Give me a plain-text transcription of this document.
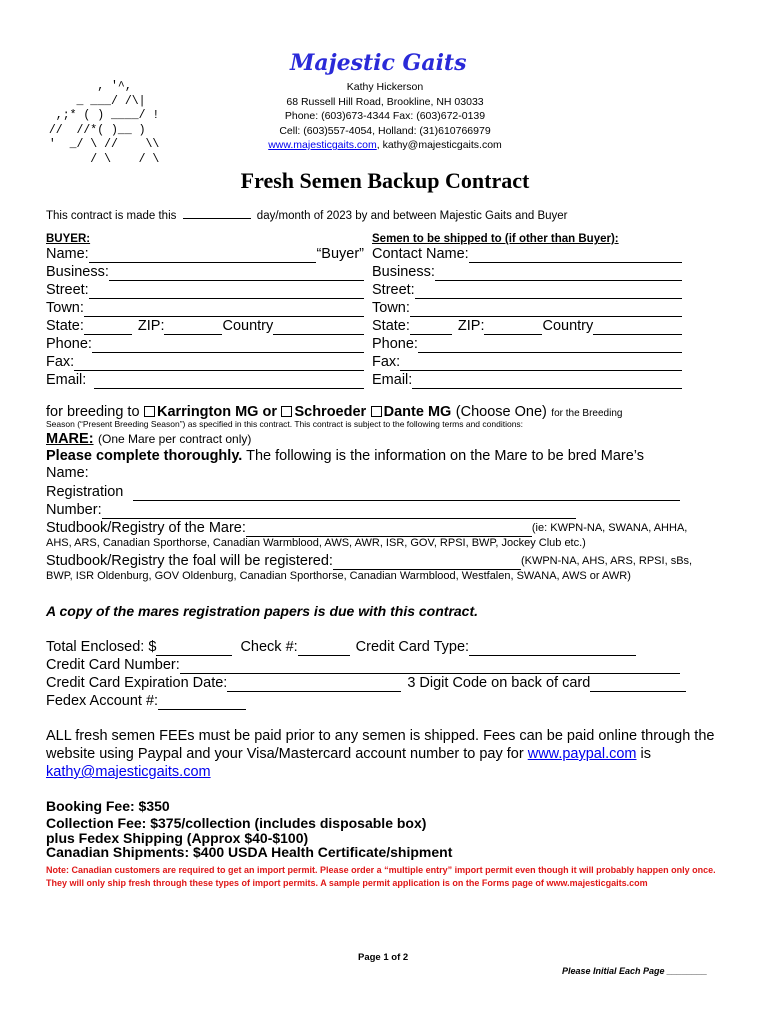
Majestic Gaits
, '^,
_ ___/ /\|
,;* ( ) ____/ !
//  //*( )__ )
'  _/ \ //    \\
/ \    / \
Kathy Hickerson
68 Russell Hill Road, Brookline, NH 03033
Phone: (603)673-4344 Fax: (603)672-0139
Cell: (603)557-4054, Holland: (31)610766979
www.majesticgaits.com, kathy@majesticgaits.com
Fresh Semen Backup Contract
This contract is made this	day/month of 2023 by and between Majestic Gaits and Buyer
BUYER:
Name:	“Buyer”
Business:
Street:
Town:
State:	ZIP:	Country
Phone:
Fax:
Email:
Semen to be shipped to (if other than Buyer):
Contact Name:
Business:
Street:
Town:
State:	ZIP:	Country
Phone:
Fax:
Email:
for breeding to Karrington MG or Schroeder Dante MG (Choose One) for the Breeding
Season (“Present Breeding Season”) as specified in this contract. This contract is subject to the following terms and conditions:
MARE: (One Mare per contract only)
Please complete thoroughly. The following is the information on the Mare to be bred Mare’s
Name:
Registration
Number:
Studbook/Registry of the Mare:	(ie: KWPN-NA, SWANA, AHHA,
AHS, ARS, Canadian Sporthorse, Canadian Warmblood, AWS, AWR, ISR, GOV, RPSI, BWP, Jockey Club etc.)
Studbook/Registry the foal will be registered:	(KWPN-NA, AHS, ARS, RPSI, sBs,
BWP, ISR Oldenburg, GOV Oldenburg, Canadian Sporthorse, Canadian Warmblood, Westfalen, SWANA, AWS or AWR)
A copy of the mares registration papers is due with this contract.
Total Enclosed: $	Check #:	Credit Card Type:
Credit Card Number:
Credit Card Expiration Date:	3 Digit Code on back of card
Fedex Account #:
ALL fresh semen FEEs must be paid prior to any semen is shipped. Fees can be paid online through the website using Paypal and your Visa/Mastercard account number to pay for www.paypal.com is kathy@majesticgaits.com
Booking Fee: $350
Collection Fee: $375/collection (includes disposable box)
plus Fedex Shipping (Approx $40-$100)
Canadian Shipments: $400 USDA Health Certificate/shipment
Note: Canadian customers are required to get an import permit. Please order a “multiple entry” import permit even though it will probably happen only once. They will only ship fresh through these types of import permits. A sample permit application is on the Forms page of www.majesticgaits.com
Page 1 of 2
Please Initial Each Page ________
